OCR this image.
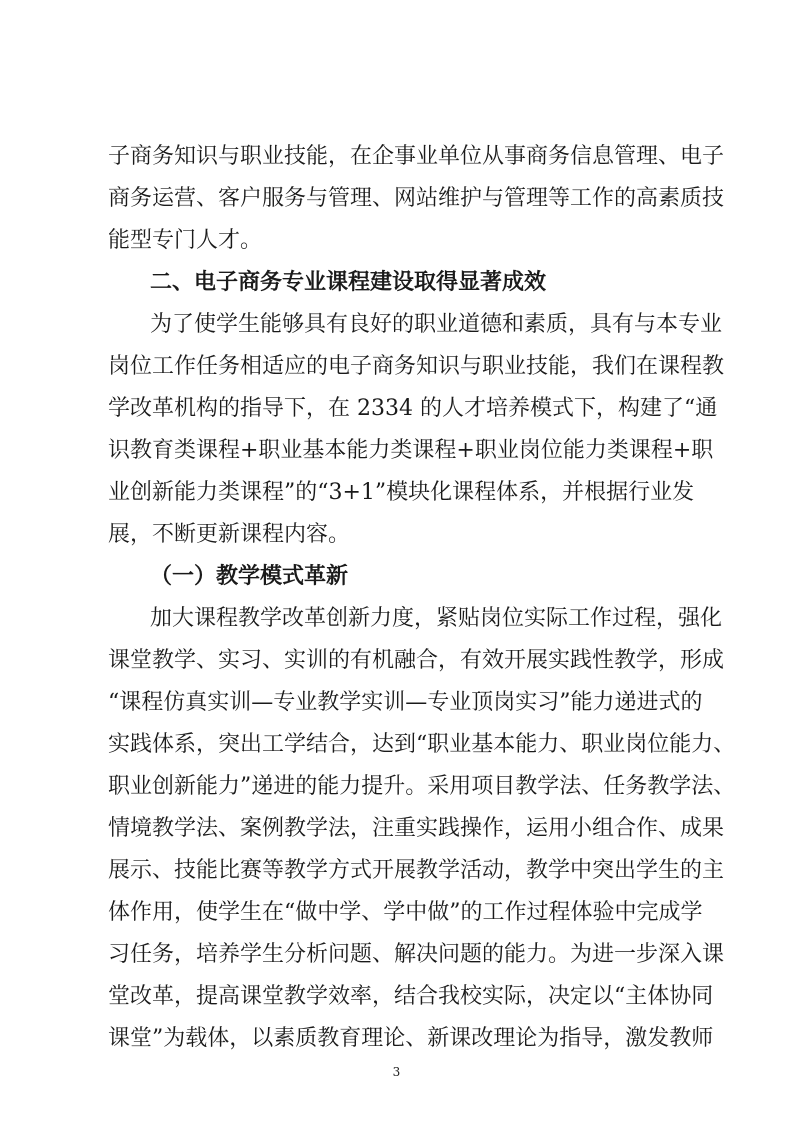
子商务知识与职业技能，在企事业单位从事商务信息管理、电子
商务运营、客户服务与管理、网站维护与管理等工作的高素质技
能型专门人才。
二、电子商务专业课程建设取得显著成效
为了使学生能够具有良好的职业道德和素质，具有与本专业
岗位工作任务相适应的电子商务知识与职业技能，我们在课程教
学改革机构的指导下，在 2334 的人才培养模式下，构建了“通
识教育类课程+职业基本能力类课程+职业岗位能力类课程+职
业创新能力类课程”的“3+1”模块化课程体系，并根据行业发
展，不断更新课程内容。
（一）教学模式革新
加大课程教学改革创新力度，紧贴岗位实际工作过程，强化
课堂教学、实习、实训的有机融合，有效开展实践性教学，形成
“课程仿真实训—专业教学实训—专业顶岗实习”能力递进式的
实践体系，突出工学结合，达到“职业基本能力、职业岗位能力、
职业创新能力”递进的能力提升。采用项目教学法、任务教学法、
情境教学法、案例教学法，注重实践操作，运用小组合作、成果
展示、技能比赛等教学方式开展教学活动，教学中突出学生的主
体作用，使学生在“做中学、学中做”的工作过程体验中完成学
习任务，培养学生分析问题、解决问题的能力。为进一步深入课
堂改革，提高课堂教学效率，结合我校实际，决定以“主体协同
课堂”为载体，以素质教育理论、新课改理论为指导，激发教师
3
